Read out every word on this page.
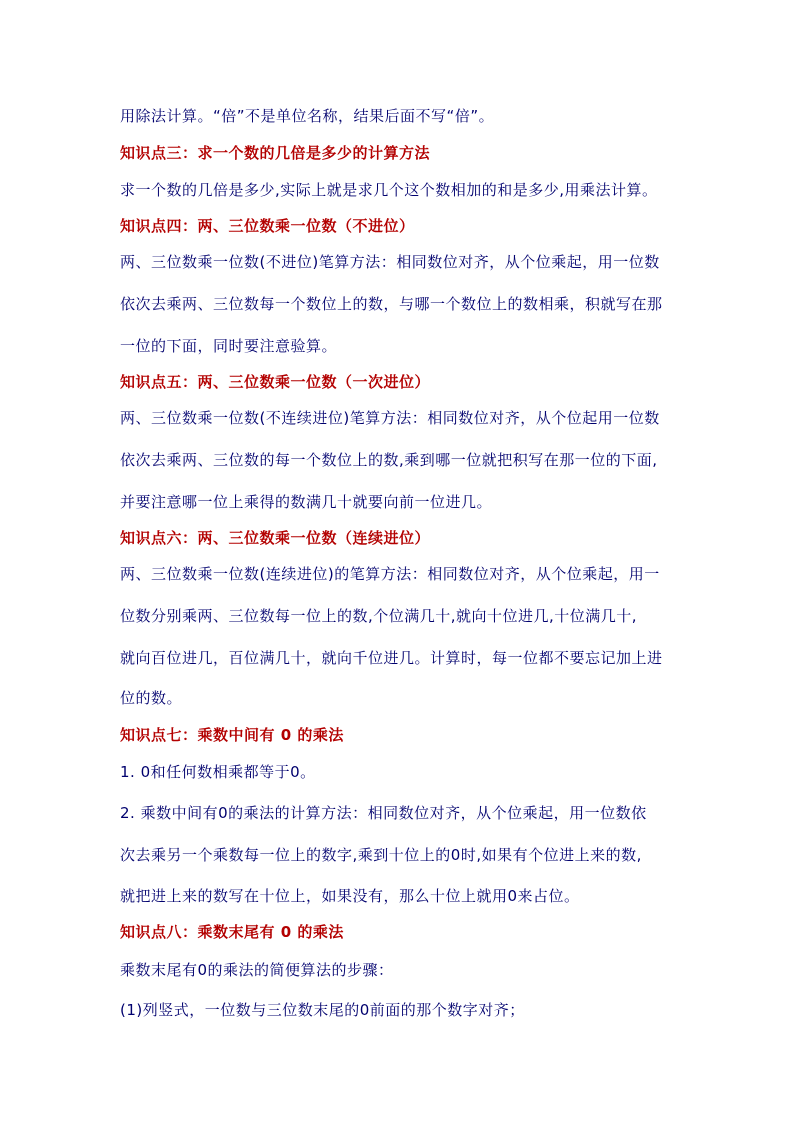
用除法计算。“倍”不是单位名称，结果后面不写“倍”。
知识点三：求一个数的几倍是多少的计算方法
求一个数的几倍是多少,实际上就是求几个这个数相加的和是多少,用乘法计算。
知识点四：两、三位数乘一位数（不进位）
两、三位数乘一位数(不进位)笔算方法：相同数位对齐，从个位乘起，用一位数
依次去乘两、三位数每一个数位上的数，与哪一个数位上的数相乘，积就写在那
一位的下面，同时要注意验算。
知识点五：两、三位数乘一位数（一次进位）
两、三位数乘一位数(不连续进位)笔算方法：相同数位对齐，从个位起用一位数
依次去乘两、三位数的每一个数位上的数,乘到哪一位就把积写在那一位的下面,
并要注意哪一位上乘得的数满几十就要向前一位进几。
知识点六：两、三位数乘一位数（连续进位）
两、三位数乘一位数(连续进位)的笔算方法：相同数位对齐，从个位乘起，用一
位数分别乘两、三位数每一位上的数,个位满几十,就向十位进几,十位满几十,
就向百位进几，百位满几十，就向千位进几。计算时，每一位都不要忘记加上进
位的数。
知识点七：乘数中间有 0 的乘法
1. 0和任何数相乘都等于0。
2. 乘数中间有0的乘法的计算方法：相同数位对齐，从个位乘起，用一位数依
次去乘另一个乘数每一位上的数字,乘到十位上的0时,如果有个位进上来的数,
就把进上来的数写在十位上，如果没有，那么十位上就用0来占位。
知识点八：乘数末尾有 0 的乘法
乘数末尾有0的乘法的简便算法的步骤：
(1)列竖式，一位数与三位数末尾的0前面的那个数字对齐；
